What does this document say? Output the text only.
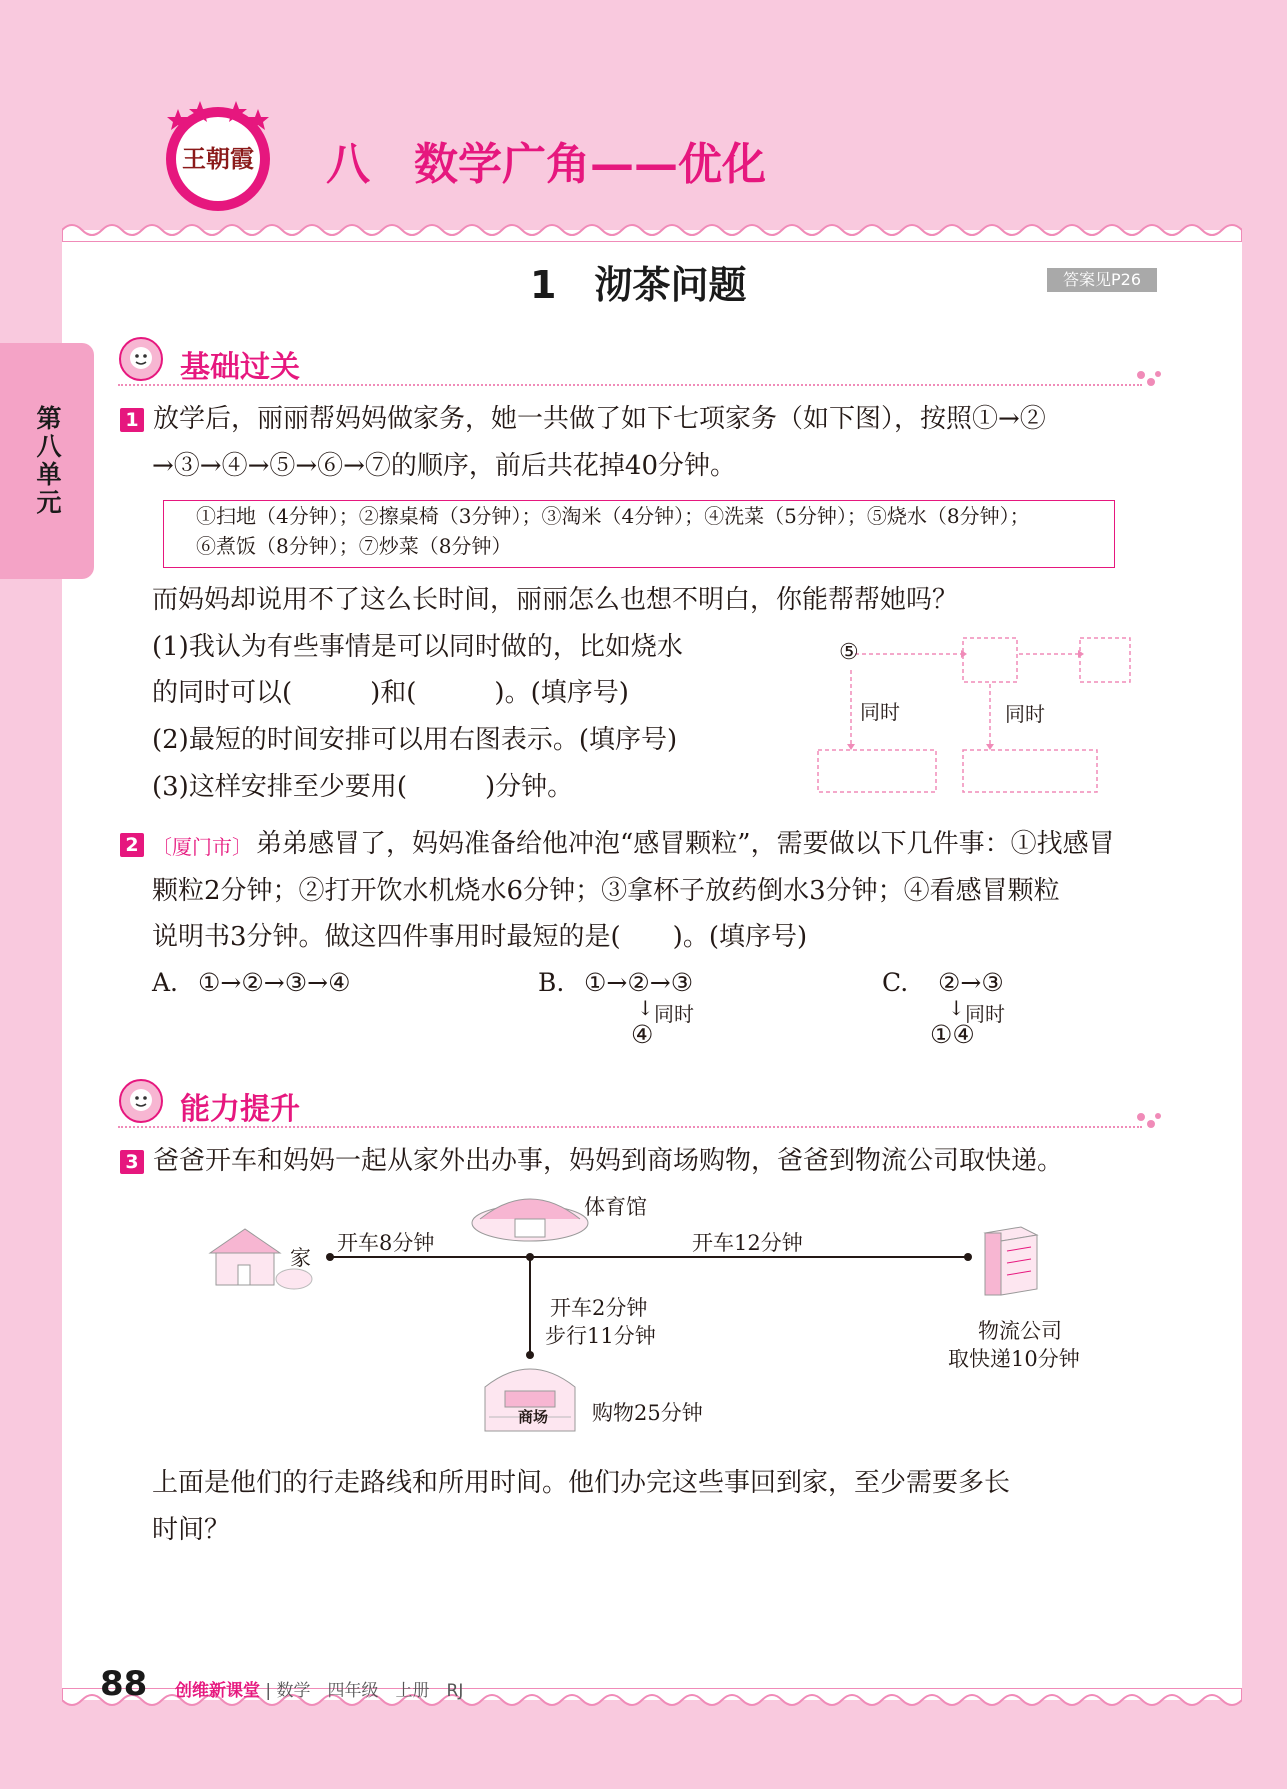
王朝霞 八　数学广角——优化
第八单元
1　沏茶问题	答案见P26
基础过关
1 放学后，丽丽帮妈妈做家务，她一共做了如下七项家务（如下图），按照①→②
→③→④→⑤→⑥→⑦的顺序，前后共花掉40分钟。
①扫地（4分钟）；②擦桌椅（3分钟）；③淘米（4分钟）；④洗菜（5分钟）；⑤烧水（8分钟）；
⑥煮饭（8分钟）；⑦炒菜（8分钟）
而妈妈却说用不了这么长时间，丽丽怎么也想不明白，你能帮帮她吗？
(1)我认为有些事情是可以同时做的，比如烧水
的同时可以(　　　)和(　　　)。(填序号)
(2)最短的时间安排可以用右图表示。(填序号)
(3)这样安排至少要用(　　　)分钟。
⑤
同时	同时
2 〔厦门市〕 弟弟感冒了，妈妈准备给他冲泡“感冒颗粒”，需要做以下几件事：①找感冒
颗粒2分钟；②打开饮水机烧水6分钟；③拿杯子放药倒水3分钟；④看感冒颗粒
说明书3分钟。做这四件事用时最短的是(　　)。(填序号)
A. ①→②→③→④	B. ①→②→③
↓ 同时
④
C. ②→③
↓ 同时
①④
能力提升
3 爸爸开车和妈妈一起从家外出办事，妈妈到商场购物，爸爸到物流公司取快递。
商场
家
体育馆
开车8分钟	开车12分钟
开车2分钟
步行11分钟
购物25分钟
物流公司
取快递10分钟
上面是他们的行走路线和所用时间。他们办完这些事回到家，至少需要多长
时间？
88 创维新课堂 | 数学　四年级　上册　RJ
